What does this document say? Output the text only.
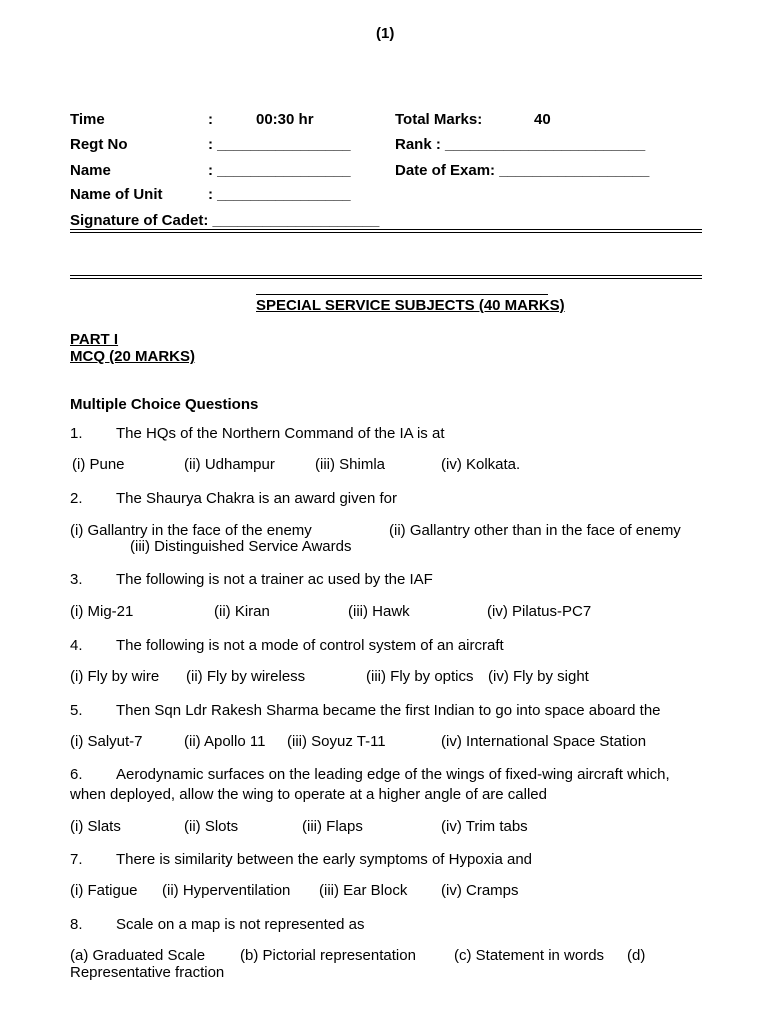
(1)
Time	:	00:30 hr	Total Marks:	40
Regt No	: ________________	Rank : ________________________
Name	: ________________	Date of Exam: __________________
Name of Unit	: ________________
Signature of Cadet: ____________________
SPECIAL SERVICE SUBJECTS (40 MARKS)
PART I
MCQ (20 MARKS)
Multiple Choice Questions
1. The HQs of the Northern Command of the IA is at
(i) Pune	(ii) Udhampur	(iii) Shimla	(iv) Kolkata.
2. The Shaurya Chakra is an award given for
(i) Gallantry in the face of the enemy	(ii) Gallantry other than in the face of enemy
(iii) Distinguished Service Awards
3. The following is not a trainer ac used by the IAF
(i) Mig-21	(ii) Kiran	(iii) Hawk	(iv) Pilatus-PC7
4. The following is not a mode of control system of an aircraft
(i) Fly by wire (ii) Fly by wireless	(iii) Fly by optics (iv) Fly by sight
5. Then Sqn Ldr Rakesh Sharma became the first Indian to go into space aboard the
(i) Salyut-7	(ii) Apollo 11 (iii) Soyuz T-11	(iv) International Space Station
6. Aerodynamic surfaces on the leading edge of the wings of fixed-wing aircraft which,
when deployed, allow the wing to operate at a higher angle of are called
(i) Slats	(ii) Slots	(iii) Flaps	(iv) Trim tabs
7. There is similarity between the early symptoms of Hypoxia and
(i) Fatigue (ii) Hyperventilation (iii) Ear Block (iv) Cramps
8. Scale on a map is not represented as
(a) Graduated Scale (b) Pictorial representation	(c) Statement in words (d)
Representative fraction
